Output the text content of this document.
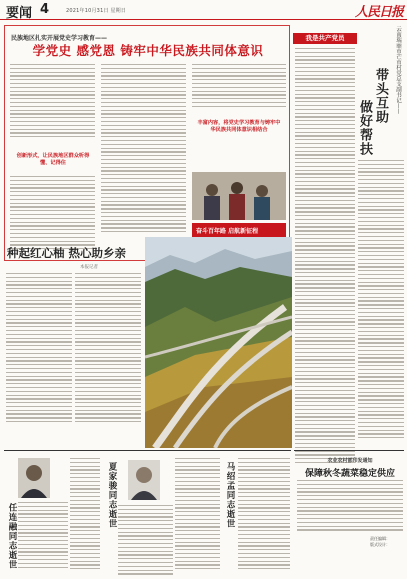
要闻 4	2021年10月31日 星期日	人民日报
民族地区扎实开展党史学习教育——
学党史 感党恩 铸牢中华民族共同体意识
创新形式，让民族地区群众听得懂、记得住
丰富内容，将党史学习教育与铸牢中华民族共同体意识相结合
奋斗百年路 启航新征程
我是共产党员	云南瑞丽市芒市村党总支副书记——
带头互助
做好帮扶
种起红心柚 热心助乡亲
本报记者
任连融同志逝世
夏家骏同志逝世	马绍孟同志逝世
农业农村部印发通知
保障秋冬蔬菜稳定供应
责任编辑：
版式设计：
